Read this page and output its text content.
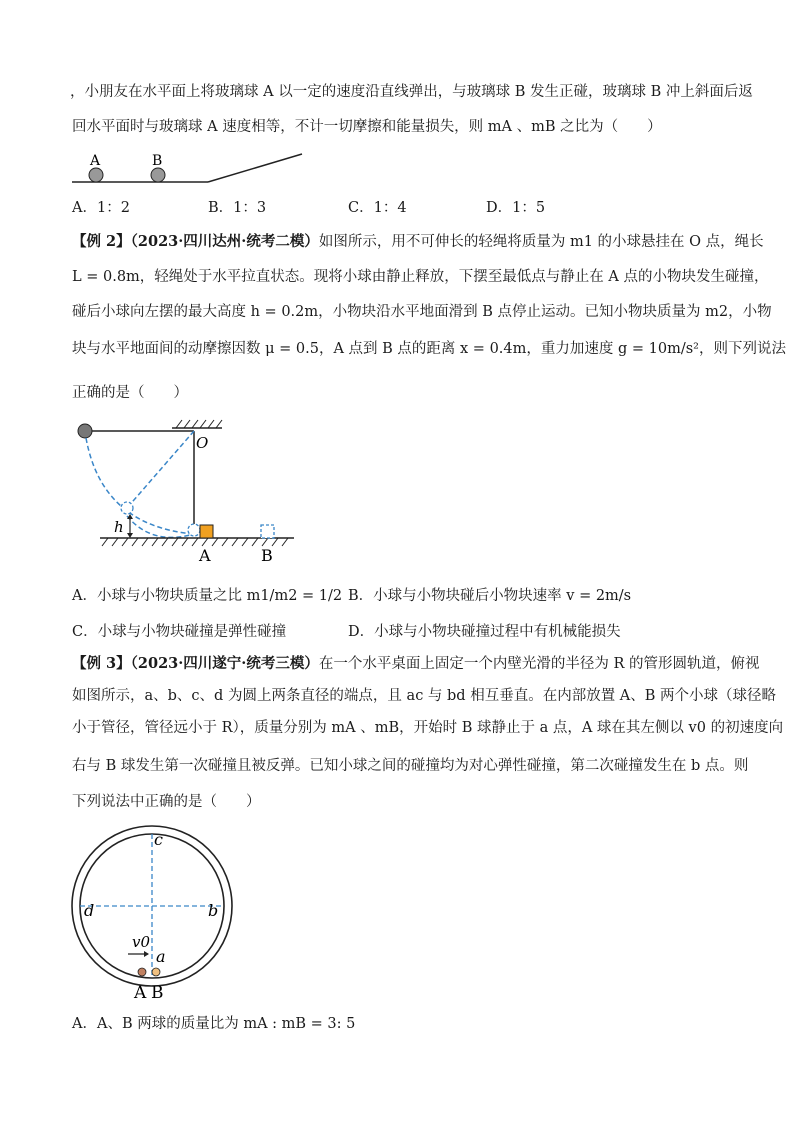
，小朋友在水平面上将玻璃球 A 以一定的速度沿直线弹出，与玻璃球 B 发生正碰，玻璃球 B 冲上斜面后返
回水平面时与玻璃球 A 速度相等，不计一切摩擦和能量损失，则 mA 、mB 之比为（　　）
A	B
A．1：2	B．1：3	C．1：4	D．1：5
【例 2】（2023·四川达州·统考二模）如图所示，用不可伸长的轻绳将质量为 m1 的小球悬挂在 O 点，绳长
L = 0.8m，轻绳处于水平拉直状态。现将小球由静止释放，下摆至最低点与静止在 A 点的小物块发生碰撞，
碰后小球向左摆的最大高度 h = 0.2m，小物块沿水平地面滑到 B 点停止运动。已知小物块质量为 m2，小物
块与水平地面间的动摩擦因数 μ = 0.5，A 点到 B 点的距离 x = 0.4m，重力加速度 g = 10m/s²，则下列说法
正确的是（　　）
O
h
A	B
A．小球与小物块质量之比 m1/m2 = 1/2 B．小球与小物块碰后小物块速率 v = 2m/s
C．小球与小物块碰撞是弹性碰撞	D．小球与小物块碰撞过程中有机械能损失
【例 3】（2023·四川遂宁·统考三模）在一个水平桌面上固定一个内壁光滑的半径为 R 的管形圆轨道，俯视
如图所示，a、b、c、d 为圆上两条直径的端点，且 ac 与 bd 相互垂直。在内部放置 A、B 两个小球（球径略
小于管径，管径远小于 R），质量分别为 mA 、mB，开始时 B 球静止于 a 点，A 球在其左侧以 v0 的初速度向
右与 B 球发生第一次碰撞且被反弹。已知小球之间的碰撞均为对心弹性碰撞，第二次碰撞发生在 b 点。则
下列说法中正确的是（　　）
c
d	b
a
v0
A B
A．A、B 两球的质量比为 mA : mB = 3: 5
